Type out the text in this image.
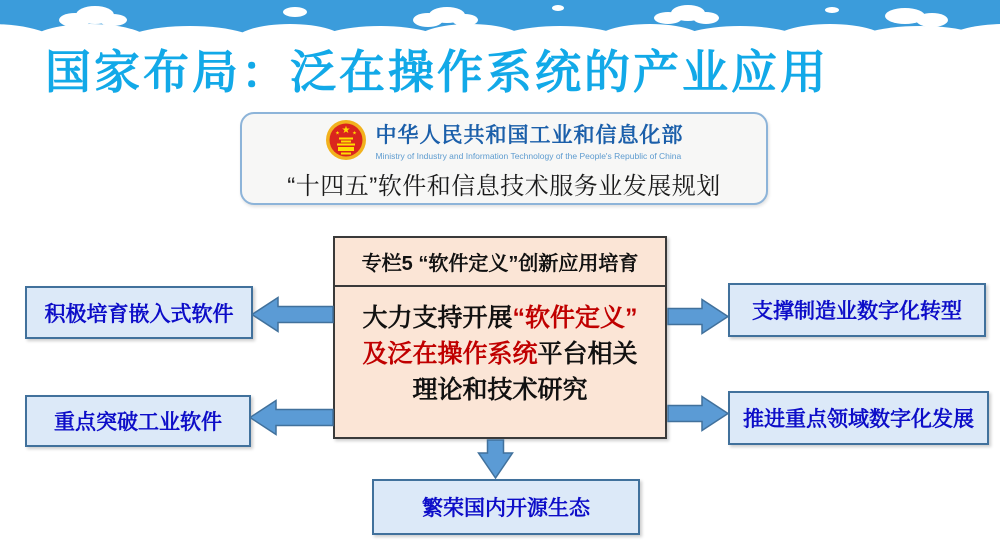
国家布局：泛在操作系统的产业应用
★
★	★ 中华人民共和国工业和信息化部
Ministry of Industry and Information Technology of the People's Republic of China
“十四五”软件和信息技术服务业发展规划
专栏5 “软件定义”创新应用培育
大力支持开展“软件定义”
及泛在操作系统平台相关
理论和技术研究
积极培育嵌入式软件
重点突破工业软件
支撑制造业数字化转型
推进重点领域数字化发展
繁荣国内开源生态
